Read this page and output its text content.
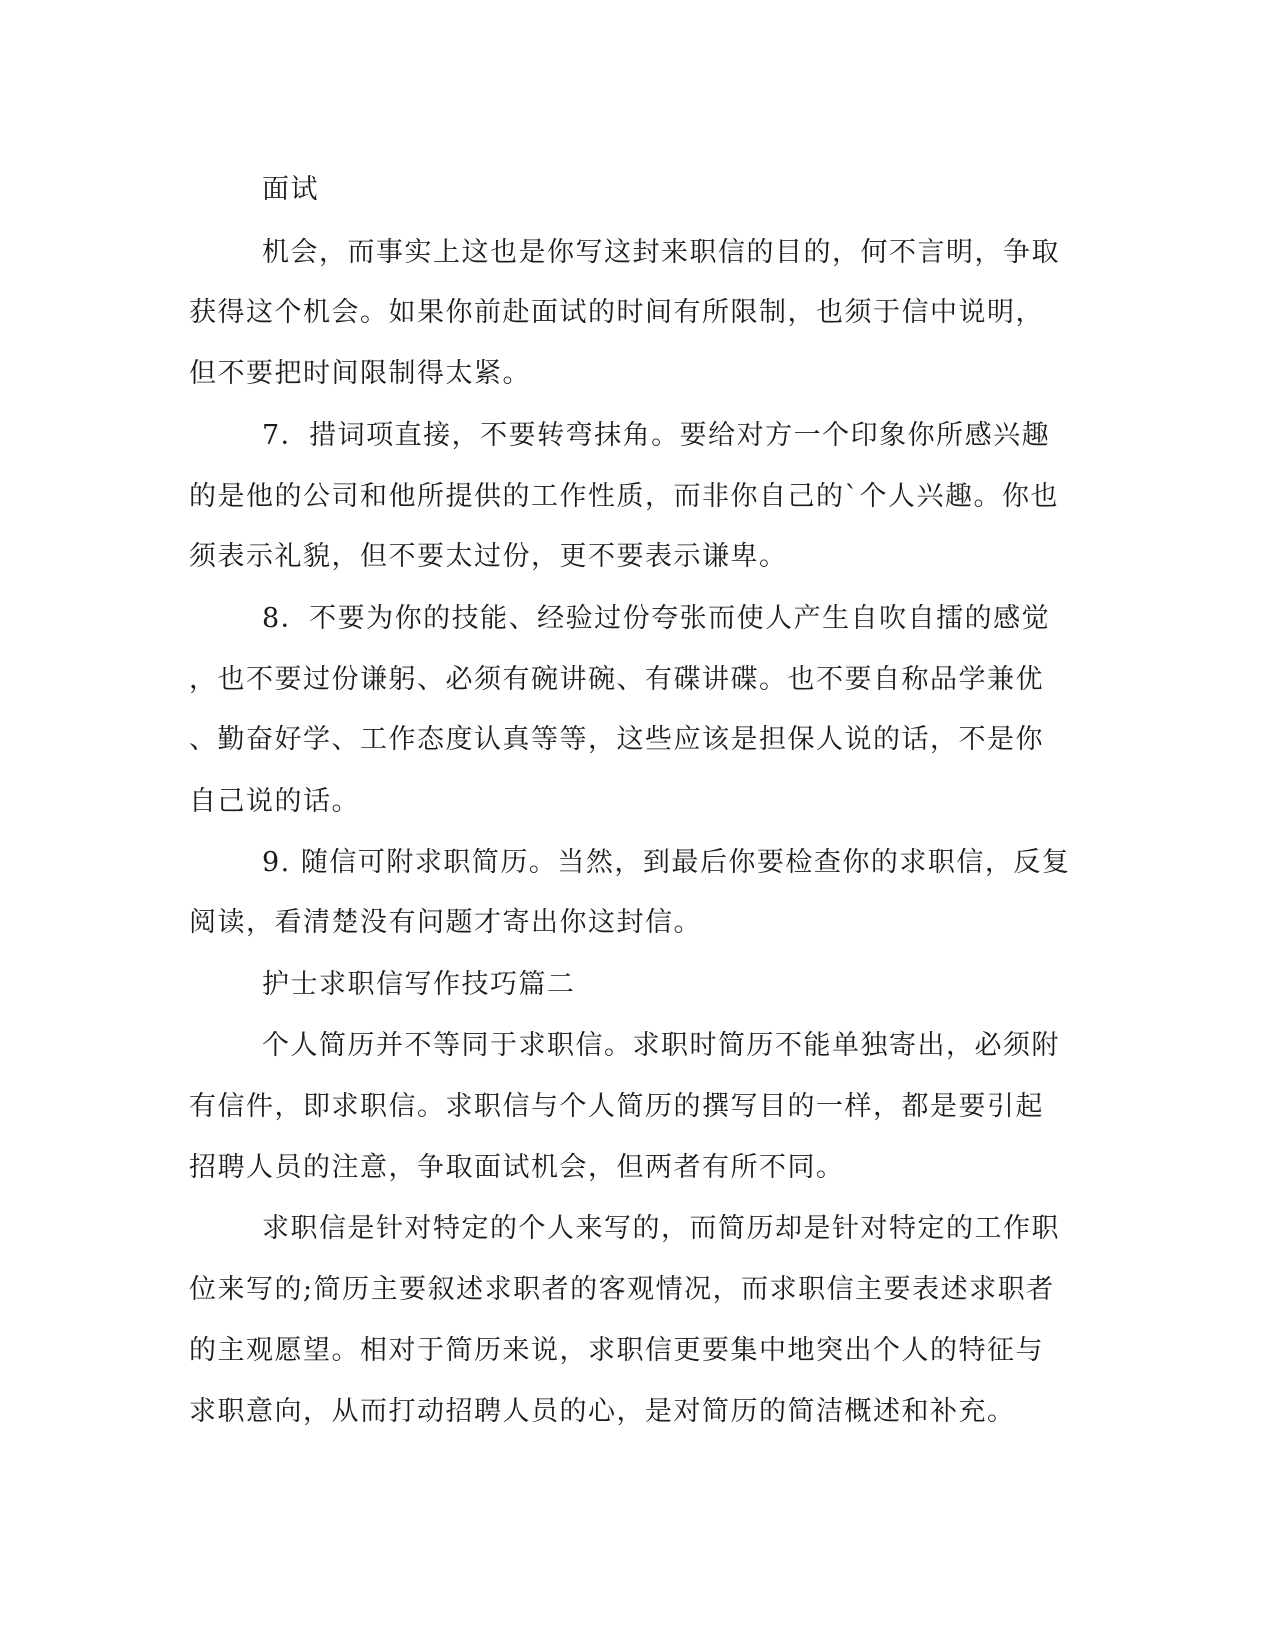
面试

机会，而事实上这也是你写这封来职信的目的，何不言明，争取

获得这个机会。如果你前赴面试的时间有所限制，也须于信中说明，

但不要把时间限制得太紧。

7．措词项直接，不要转弯抹角。要给对方一个印象你所感兴趣

的是他的公司和他所提供的工作性质，而非你自己的`个人兴趣。你也

须表示礼貌，但不要太过份，更不要表示谦卑。

8．不要为你的技能、经验过份夸张而使人产生自吹自擂的感觉

，也不要过份谦躬、必须有碗讲碗、有碟讲碟。也不要自称品学兼优

、勤奋好学、工作态度认真等等，这些应该是担保人说的话，不是你

自己说的话。

9. 随信可附求职简历。当然，到最后你要检查你的求职信，反复

阅读，看清楚没有问题才寄出你这封信。

护士求职信写作技巧篇二

个人简历并不等同于求职信。求职时简历不能单独寄出，必须附

有信件，即求职信。求职信与个人简历的撰写目的一样，都是要引起

招聘人员的注意，争取面试机会，但两者有所不同。

求职信是针对特定的个人来写的，而简历却是针对特定的工作职

位来写的;简历主要叙述求职者的客观情况，而求职信主要表述求职者

的主观愿望。相对于简历来说，求职信更要集中地突出个人的特征与

求职意向，从而打动招聘人员的心，是对简历的简洁概述和补充。
